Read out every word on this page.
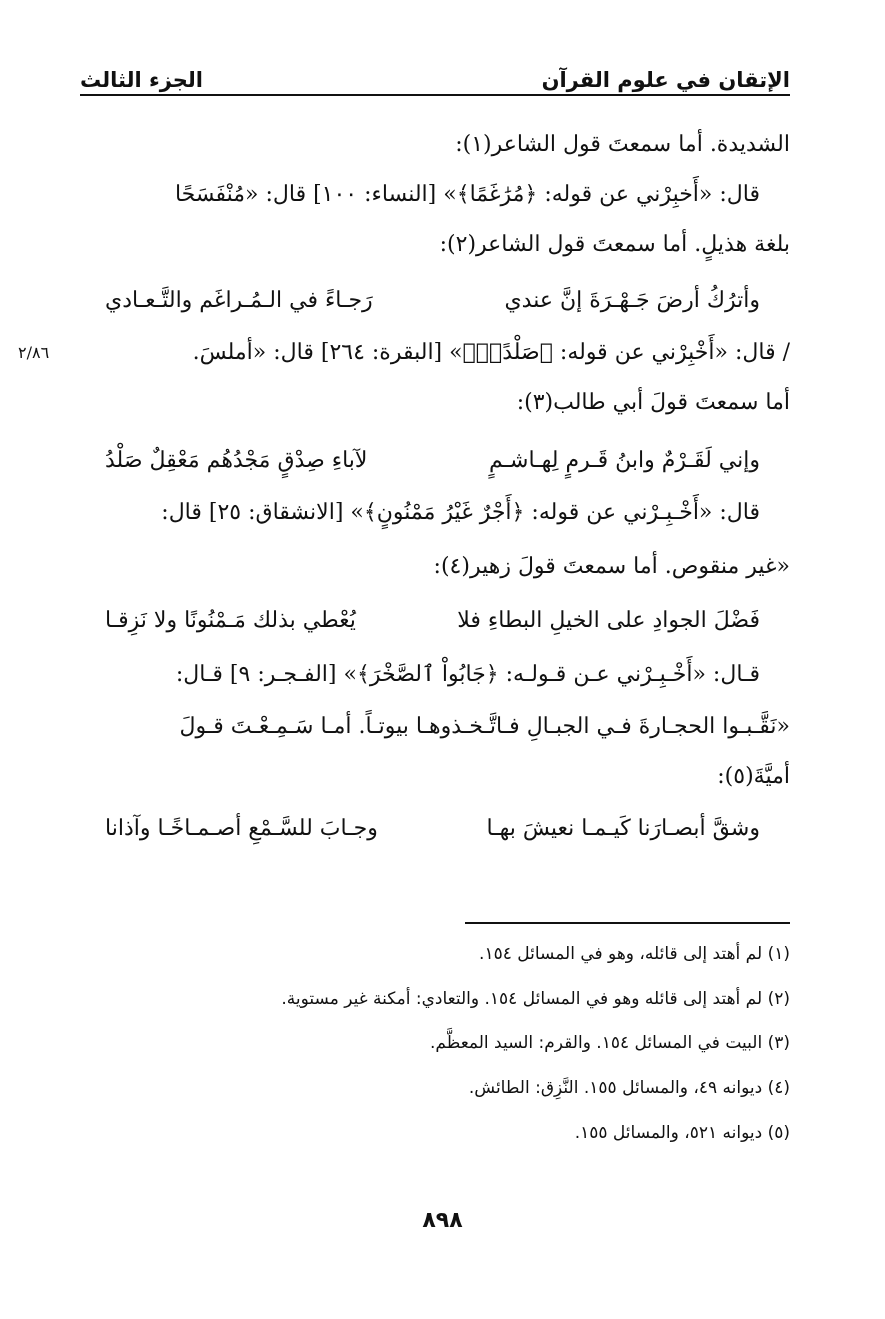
الإتقان في علوم القرآن
الجزء الثالث
الشديدة. أما سمعتَ قول الشاعر(١):
قال: «أَخبِرْني عن قوله: ﴿مُرَٰغَمًا﴾» [النساء: ١٠٠] قال: «مُنْفَسَحًا
بلغة هذيلٍ. أما سمعتَ قول الشاعر(٢):
وأترُكُ أرضَ جَـهْـرَةَ إنَّ عندي
رَجـاءً في الـمُـراغَم والتَّـعـادي
/ قال: «أَخْبِرْني عن قوله: ﴿صَلْدًاۖ﴾» [البقرة: ٢٦٤] قال: «أملسَ.
٢/٨٦
أما سمعتَ قولَ أبي طالب(٣):
وإني لَقَـرْمٌ وابنُ قَـرمٍ لِهـاشـمٍ
لآباءِ صِدْقٍ مَجْدُهُم مَعْقِلٌ صَلْدُ
قال: «أَخْـبِـرْني عن قوله: ﴿أَجْرٌ غَيْرُ مَمْنُونٍ﴾» [الانشقاق: ٢٥] قال:
«غير منقوص. أما سمعتَ قولَ زهير(٤):
فَضْلَ الجوادِ على الخيلِ البطاءِ فلا
يُعْطي بذلك مَـمْنُونًا ولا نَزِقـا
قـال: «أَخْـبِـرْني عـن قـولـه: ﴿جَابُواْ ٱلصَّخْرَ﴾» [الفـجـر: ٩] قـال:
«نَقَّـبـوا الحجـارةَ فـي الجبـالِ فـاتَّـخـذوهـا بيوتـاً. أمـا سَـمِـعْـتَ قـولَ
أميَّةَ(٥):
وشقَّ أبصـارَنا كَيـمـا نعيشَ بهـا
وجـابَ للسَّـمْعِ أصـمـاخًـا وآذانا
(١) لم أهتد إلى قائله، وهو في المسائل ١٥٤.
(٢) لم أهتد إلى قائله وهو في المسائل ١٥٤. والتعادي: أمكنة غير مستوية.
(٣) البيت في المسائل ١٥٤. والقرم: السيد المعظَّم.
(٤) ديوانه ٤٩، والمسائل ١٥٥. النَّزِق: الطائش.
(٥) ديوانه ٥٢١، والمسائل ١٥٥.
٨٩٨
